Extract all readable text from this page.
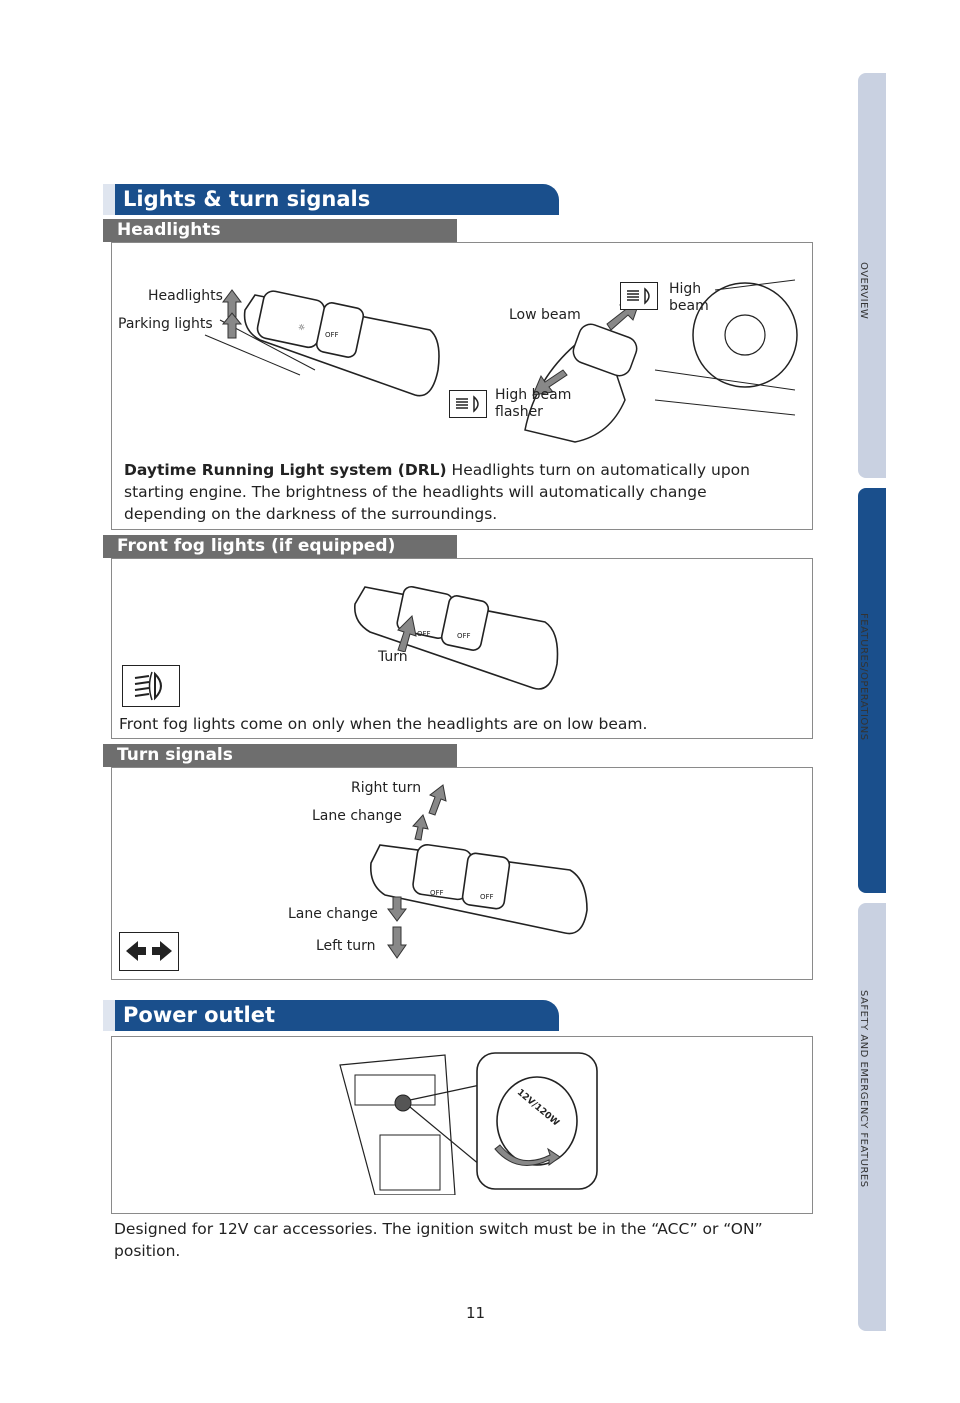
OVERVIEW
FEATURES/OPERATIONS
SAFETY AND EMERGENCY FEATURES
Lights & turn signals
Headlights
☼
OFF
Headlights
Parking lights
High
beam
Low beam
High beam
flasher
Daytime Running Light system (DRL) Headlights turn on automatically upon starting engine. The brightness of the headlights will automatically change depending on the darkness of the surroundings.
Front fog lights (if equipped)
OFF	OFF
Turn
Front fog lights come on only when the headlights are on low beam.
Turn signals
OFF	OFF
Right turn
Lane change
Lane change
Left turn
Power outlet
12V/120W
Designed for 12V car accessories. The ignition switch must be in the “ACC” or “ON” position.
11
